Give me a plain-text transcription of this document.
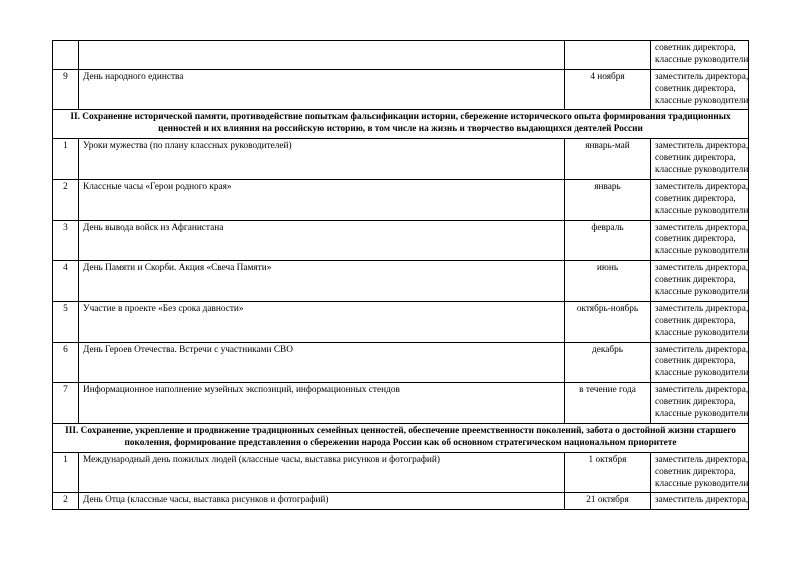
			советник директора,
классные руководители

9	День народного единства	4 ноября	заместитель директора,
советник директора,
классные руководители

II. Сохранение исторической памяти, противодействие попыткам фальсификации истории, сбережение исторического опыта формирования традиционных ценностей и их влияния на российскую историю, в том числе на жизнь и творчество выдающихся деятелей России			
1	Уроки мужества (по плану классных руководителей)	январь-май	заместитель директора,
советник директора,
классные руководители

2	Классные часы «Герои родного края»	январь	заместитель директора,
советник директора,
классные руководители

3	День вывода войск из Афганистана	февраль	заместитель директора,
советник директора,
классные руководители

4	День Памяти и Скорби. Акция «Свеча Памяти»	июнь	заместитель директора,
советник директора,
классные руководители

5	Участие в проекте «Без срока давности»	октябрь-ноябрь	заместитель директора,
советник директора,
классные руководители

6	День Героев Отечества. Встречи с участниками СВО	декабрь	заместитель директора,
советник директора,
классные руководители

7	Информационное наполнение музейных экспозиций, информационных стендов	в течение года	заместитель директора,
советник директора,
классные руководители

III. Сохранение, укрепление и продвижение традиционных семейных ценностей, обеспечение преемственности поколений, забота о достойной жизни старшего поколения, формирование представления о сбережении народа России как об основном стратегическом национальном приоритете			
1	Международный день пожилых людей (классные часы, выставка рисунков и фотографий)	1 октября	заместитель директора,
советник директора,
классные руководители

2	День Отца (классные часы, выставка рисунков и фотографий)	21 октября	заместитель директора,
